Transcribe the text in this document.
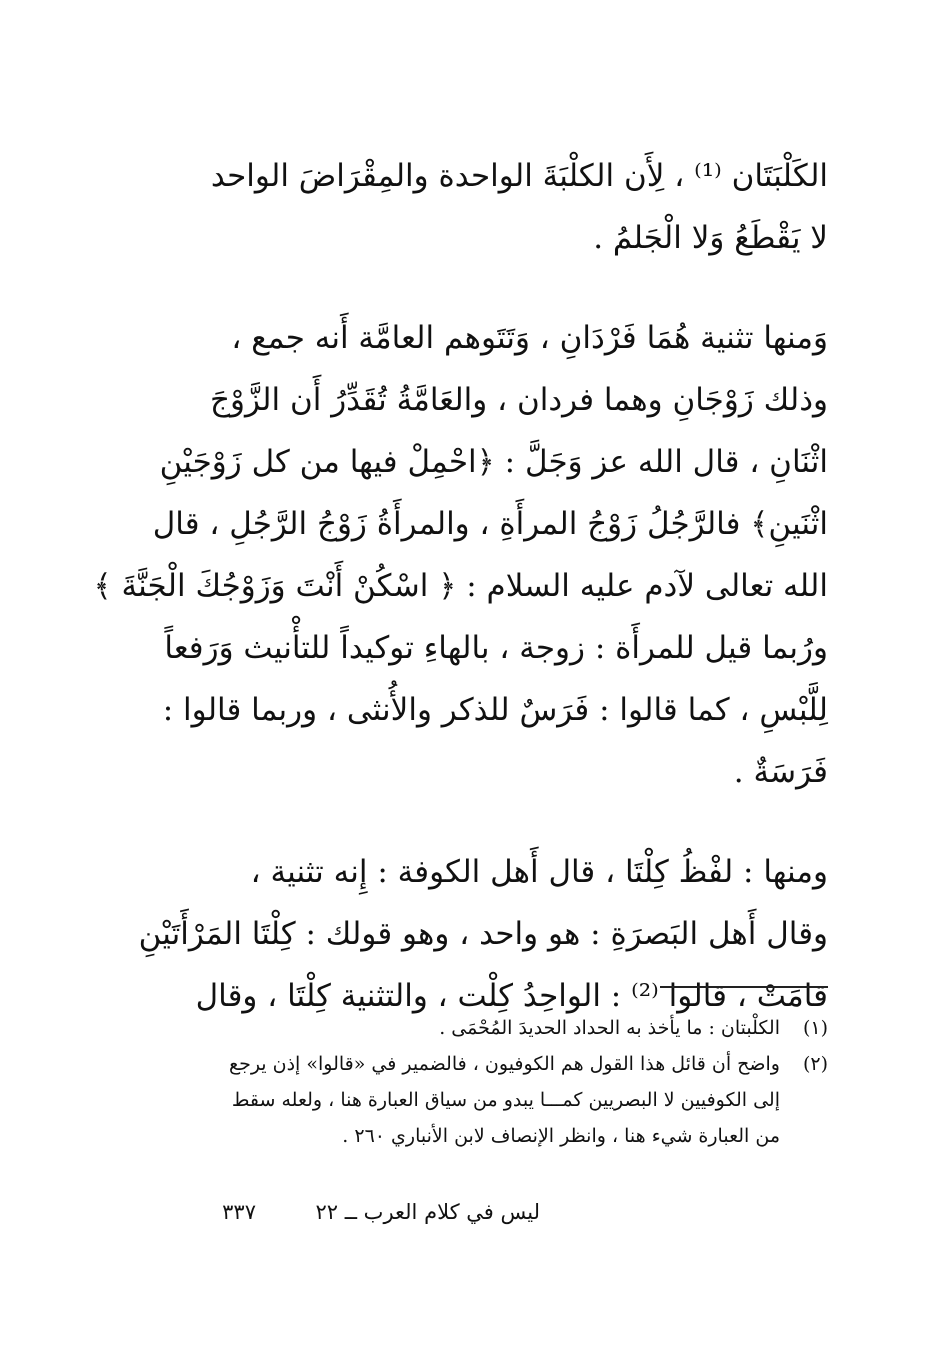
الكَلْبَتَان ⁽¹⁾ ، لِأَن الكلْبَةَ الواحدة والمِقْرَاضَ الواحد
لا يَقْطَعُ وَلا الْجَلمُ .

وَمنها تثنية هُمَا فَرْدَانِ ، وَتَتَوهم العامَّة أَنه جمع ،
وذلك زَوْجَانِ وهما فردان ، والعَامَّةُ تُقَدِّرُ أَن الزَّوْجَ
اثْنَانِ ، قال الله عز وَجَلَّ : ﴿احْمِلْ فيها من كل زَوْجَيْنِ
اثْنَينِ﴾ فالرَّجُلُ زَوْجُ المرأَةِ ، والمرأَةُ زَوْجُ الرَّجُلِ ، قال
الله تعالى لآدم عليه السلام : ﴿ اسْكُنْ أَنْتَ وَزَوْجُكَ الْجَنَّةَ ﴾
ورُبما قيل للمرأَة : زوجة ، بالهاءِ توكيداً للتأْنيث وَرَفعاً
لِلَّبْسِ ، كما قالوا : فَرَسٌ للذكر والأُنثى ، وربما قالوا :
فَرَسَةٌ .

ومنها : لفْظُ كِلْتَا ، قال أَهل الكوفة : إِنه تثنية ،
وقال أَهل البَصرَةِ : هو واحد ، وهو قولك : كِلْتَا المَرْأَتَيْنِ
قامَتْ ، قالوا ⁽²⁾ : الواحِدُ كِلْت ، والتثنية كِلْتَا ، وقال

(١)
الكلْبتان : ما يأخذ به الحداد الحديدَ المُحْمَى .
(٢)
واضح أن قائل هذا القول هم الكوفيون ، فالضمير في «قالوا» إذن يرجع
إلى الكوفيين لا البصريين كمـــا يبدو من سياق العبارة هنا ، ولعله سقط
من العبارة شيء هنا ، وانظر الإنصاف لابن الأنباري ٢٦٠ .
ليس في كلام العرب ــ ٢٢
٣٣٧
